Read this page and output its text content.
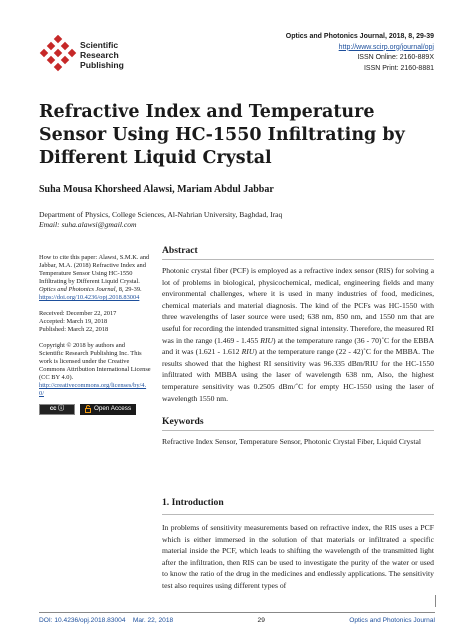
Scientific
Research
Publishing
Optics and Photonics Journal, 2018, 8, 29-39
http://www.scirp.org/journal/opj
ISSN Online: 2160-889X
ISSN Print: 2160-8881
Refractive Index and Temperature Sensor Using HC-1550 Infiltrating by Different Liquid Crystal
Suha Mousa Khorsheed Alawsi, Mariam Abdul Jabbar
Department of Physics, College Sciences, Al-Nahrian University, Baghdad, Iraq
Email: suha.alawsi@gmail.com
How to cite this paper: Alawsi, S.M.K. and Jabbar, M.A. (2018) Refractive Index and Temperature Sensor Using HC-1550 Infiltrating by Different Liquid Crystal. Optics and Photonics Journal, 8, 29-39. https://doi.org/10.4236/opj.2018.83004
Received: December 22, 2017
Accepted: March 19, 2018
Published: March 22, 2018
Copyright © 2018 by authors and Scientific Research Publishing Inc. This work is licensed under the Creative Commons Attribution International License (CC BY 4.0).
http://creativecommons.org/licenses/by/4.0/
cc ⓘ	Open Access
Abstract

Photonic crystal fiber (PCF) is employed as a refractive index sensor (RIS) for solving a lot of problems in biological, physicochemical, medical, engineering fields and many environmental challenges, where it is used in many industries of food, medicines, chemical materials and material diagnosis. The kind of the PCFs was HC-1550 with three wavelengths of laser source were used; 638 nm, 850 nm, and 1550 nm that are useful for recording the intended transmitted signal intensity. Therefore, the measured RI was in the range (1.469 - 1.455 RIU) at the temperature range (36 - 70)˚C for the EBBA and it was (1.621 - 1.612 RIU) at the temperature range (22 - 42)˚C for the MBBA. The results showed that the highest RI sensitivity was 96.335 dBm/RIU for the HC-1550 infiltrated with MBBA using the laser of wavelength 638 nm, Also, the highest temperature sensitivity was 0.2505 dBm/˚C for empty HC-1550 using the laser of wavelength 1550 nm.

Keywords

Refractive Index Sensor, Temperature Sensor, Photonic Crystal Fiber, Liquid Crystal

1. Introduction

In problems of sensitivity measurements based on refractive index, the RIS uses a PCF which is either immersed in the solution of that materials or infiltrated a specific material inside the PCF, which leads to shifting the wavelength of the transmitted light after the infiltration, then RIS can be used to investigate the purity of the water or used to know the ratio of the drug in the medicines and endlessly applications. The sensitivity test also requires using different types of

DOI: 10.4236/opj.2018.83004 Mar. 22, 2018	29	Optics and Photonics Journal
